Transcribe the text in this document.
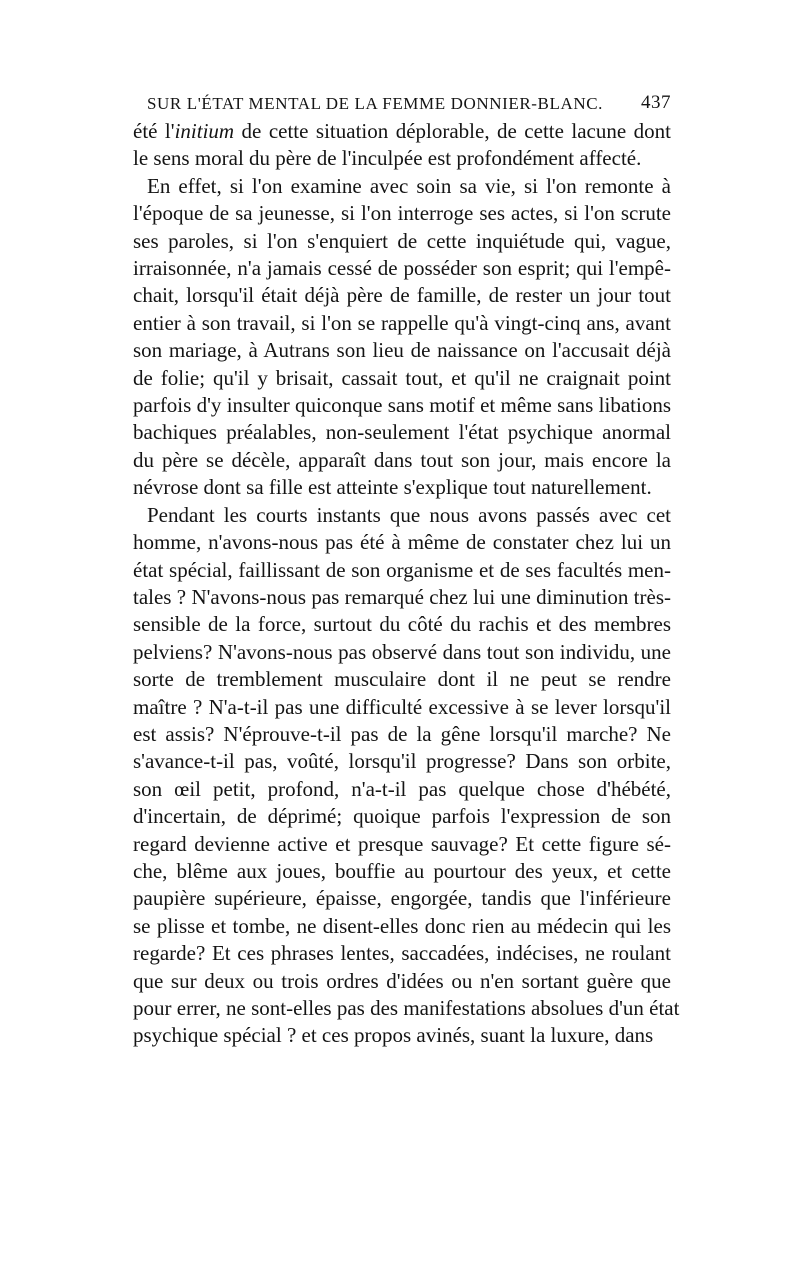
SUR L'ÉTAT MENTAL DE LA FEMME DONNIER-BLANC. 437
été l'initium de cette situation déplorable, de cette lacune dont
le sens moral du père de l'inculpée est profondément affecté.
En effet, si l'on examine avec soin sa vie, si l'on remonte à
l'époque de sa jeunesse, si l'on interroge ses actes, si l'on scrute
ses paroles, si l'on s'enquiert de cette inquiétude qui, vague,
irraisonnée, n'a jamais cessé de posséder son esprit; qui l'empê-
chait, lorsqu'il était déjà père de famille, de rester un jour tout
entier à son travail, si l'on se rappelle qu'à vingt-cinq ans, avant
son mariage, à Autrans son lieu de naissance on l'accusait déjà
de folie; qu'il y brisait, cassait tout, et qu'il ne craignait point
parfois d'y insulter quiconque sans motif et même sans libations
bachiques préalables, non-seulement l'état psychique anormal
du père se décèle, apparaît dans tout son jour, mais encore la
névrose dont sa fille est atteinte s'explique tout naturellement.
Pendant les courts instants que nous avons passés avec cet
homme, n'avons-nous pas été à même de constater chez lui un
état spécial, faillissant de son organisme et de ses facultés men-
tales ? N'avons-nous pas remarqué chez lui une diminution très-
sensible de la force, surtout du côté du rachis et des membres
pelviens? N'avons-nous pas observé dans tout son individu, une
sorte de tremblement musculaire dont il ne peut se rendre
maître ? N'a-t-il pas une difficulté excessive à se lever lorsqu'il
est assis? N'éprouve-t-il pas de la gêne lorsqu'il marche? Ne
s'avance-t-il pas, voûté, lorsqu'il progresse? Dans son orbite,
son œil petit, profond, n'a-t-il pas quelque chose d'hébété,
d'incertain, de déprimé; quoique parfois l'expression de son
regard devienne active et presque sauvage? Et cette figure sé-
che, blême aux joues, bouffie au pourtour des yeux, et cette
paupière supérieure, épaisse, engorgée, tandis que l'inférieure
se plisse et tombe, ne disent-elles donc rien au médecin qui les
regarde? Et ces phrases lentes, saccadées, indécises, ne roulant
que sur deux ou trois ordres d'idées ou n'en sortant guère que
pour errer, ne sont-elles pas des manifestations absolues d'un état
psychique spécial ? et ces propos avinés, suant la luxure, dans
